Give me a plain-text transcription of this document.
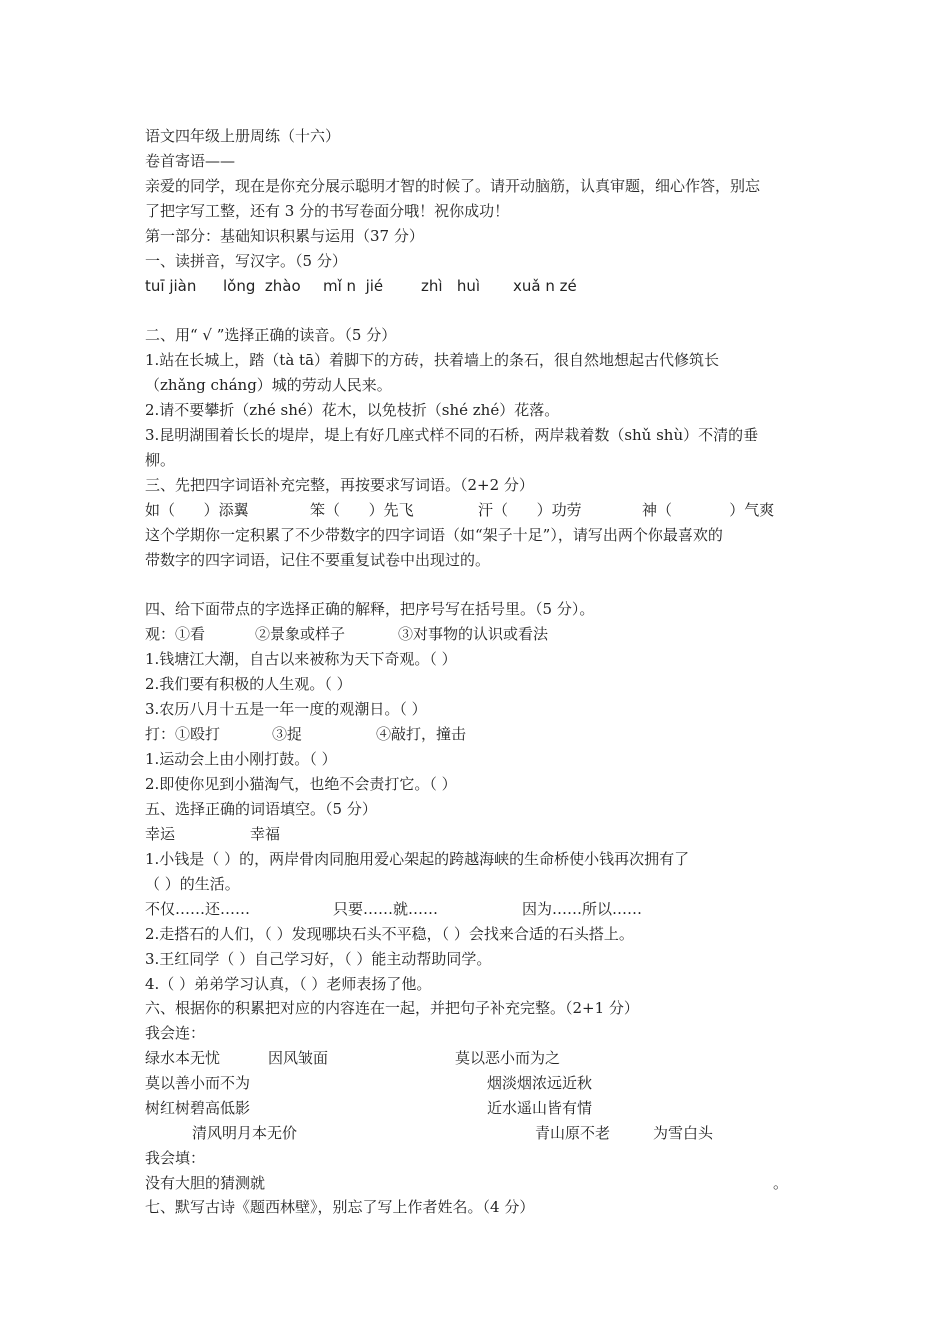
语文四年级上册周练（十六）
卷首寄语——
亲爱的同学，现在是你充分展示聪明才智的时候了。请开动脑筋，认真审题，细心作答，别忘
了把字写工整，还有 3 分的书写卷面分哦！祝你成功！
第一部分：基础知识积累与运用（37 分）
一、读拼音，写汉字。（5 分）
tuī jiàn lǒng  zhào mǐ n  jié	zhì   huì xuǎ n zé
二、用“ √ ”选择正确的读音。（5 分）
1.站在长城上，踏（tà tā）着脚下的方砖，扶着墙上的条石，很自然地想起古代修筑长
（zhǎng cháng）城的劳动人民来。
2.请不要攀折（zhé shé）花木，以免枝折（shé zhé）花落。
3.昆明湖围着长长的堤岸，堤上有好几座式样不同的石桥，两岸栽着数（shǔ shù）不清的垂
柳。
三、先把四字词语补充完整，再按要求写词语。（2+2 分）
如（      ）添翼	笨（      ）先飞	汗（      ）功劳	神（            ）气爽
这个学期你一定积累了不少带数字的四字词语（如“架子十足”），请写出两个你最喜欢的
带数字的四字词语，记住不要重复试卷中出现过的。
四、给下面带点的字选择正确的解释，把序号写在括号里。（5 分）。
观：①看	②景象或样子	③对事物的认识或看法
1.钱塘江大潮，自古以来被称为天下奇观。（ ）
2.我们要有积极的人生观。（ ）
3.农历八月十五是一年一度的观潮日。（ ）
打：①殴打	③捉	④敲打，撞击
1.运动会上由小刚打鼓。（ ）
2.即使你见到小猫淘气，也绝不会责打它。（ ）
五、选择正确的词语填空。（5 分）
幸运	幸福
1.小钱是（ ）的，两岸骨肉同胞用爱心架起的跨越海峡的生命桥使小钱再次拥有了
（ ）的生活。
不仅……还……	只要……就……	因为……所以……
2.走搭石的人们，（ ）发现哪块石头不平稳，（ ）会找来合适的石头搭上。
3.王红同学（ ）自己学习好，（ ）能主动帮助同学。
4.（ ）弟弟学习认真，（ ）老师表扬了他。
六、根据你的积累把对应的内容连在一起，并把句子补充完整。（2+1 分）
我会连：
绿水本无忧	因风皱面	莫以恶小而为之
莫以善小而不为	烟淡烟浓远近秋
树红树碧高低影	近水遥山皆有情
清风明月本无价	青山原不老	为雪白头
我会填：
没有大胆的猜测就	。
七、默写古诗《题西林壁》，别忘了写上作者姓名。（4 分）
